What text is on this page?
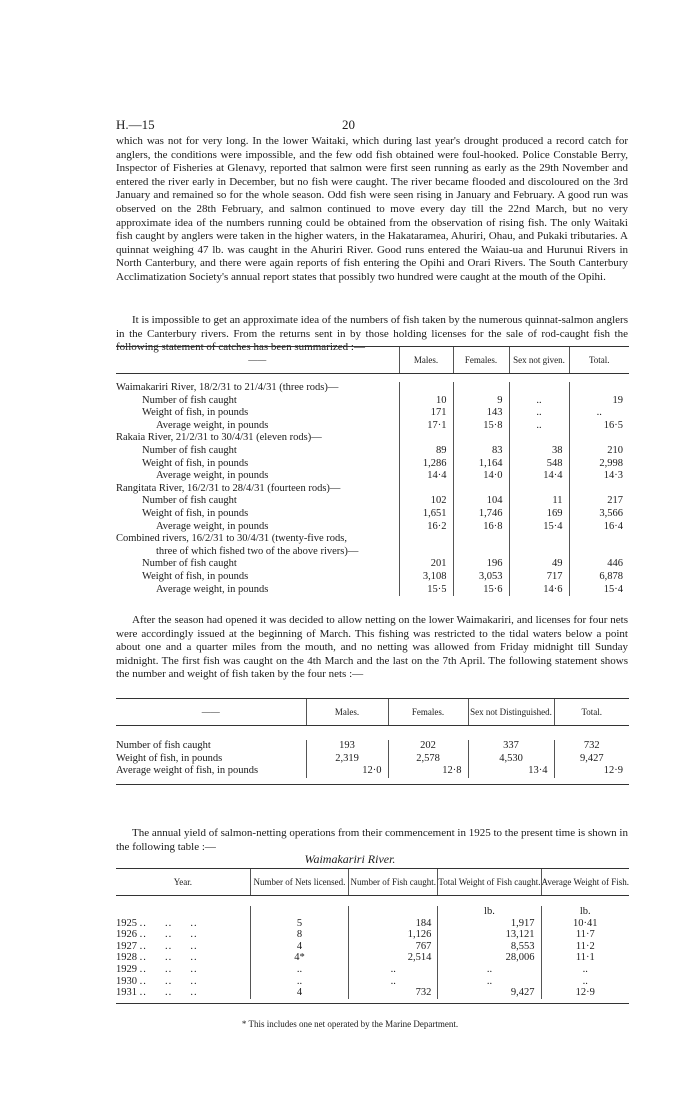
H.—15	20

which was not for very long. In the lower Waitaki, which during last year's drought produced a record catch for anglers, the conditions were impossible, and the few odd fish obtained were foul-hooked. Police Constable Berry, Inspector of Fisheries at Glenavy, reported that salmon were first seen running as early as the 29th November and entered the river early in December, but no fish were caught. The river became flooded and discoloured on the 3rd January and remained so for the whole season. Odd fish were seen rising in January and February. A good run was observed on the 28th February, and salmon continued to move every day till the 22nd March, but no very approximate idea of the numbers running could be obtained from the observation of rising fish. The only Waitaki fish caught by anglers were taken in the higher waters, in the Hakataramea, Ahuriri, Ohau, and Pukaki tributaries. A quinnat weighing 47 lb. was caught in the Ahuriri River. Good runs entered the Waiau-ua and Hurunui Rivers in North Canterbury, and there were again reports of fish entering the Opihi and Orari Rivers. The South Canterbury Acclimatization Society's annual report states that possibly two hundred were caught at the mouth of the Opihi.

It is impossible to get an approximate idea of the numbers of fish taken by the numerous quinnat-salmon anglers in the Canterbury rivers. From the returns sent in by those holding licenses for the sale of rod-caught fish the following statement of catches has been summarized :—

——	Males.	Females.	Sex not given.	Total.

Waimakariri River, 18/2/31 to 21/4/31 (three rods)—				
Number of fish caught	10	9	..	19
Weight of fish, in pounds	171	143	..	..
Average weight, in pounds	17·1	15·8	..	16·5
Rakaia River, 21/2/31 to 30/4/31 (eleven rods)—				
Number of fish caught	89	83	38	210
Weight of fish, in pounds	1,286	1,164	548	2,998
Average weight, in pounds	14·4	14·0	14·4	14·3
Rangitata River, 16/2/31 to 28/4/31 (fourteen rods)—				
Number of fish caught	102	104	11	217
Weight of fish, in pounds	1,651	1,746	169	3,566
Average weight, in pounds	16·2	16·8	15·4	16·4
Combined rivers, 16/2/31 to 30/4/31 (twenty-five rods,				
three of which fished two of the above rivers)—				
Number of fish caught	201	196	49	446
Weight of fish, in pounds	3,108	3,053	717	6,878
Average weight, in pounds	15·5	15·6	14·6	15·4

After the season had opened it was decided to allow netting on the lower Waimakariri, and licenses for four nets were accordingly issued at the beginning of March. This fishing was restricted to the tidal waters below a point about one and a quarter miles from the mouth, and no netting was allowed from Friday midnight till Sunday midnight. The first fish was caught on the 4th March and the last on the 7th April. The following statement shows the number and weight of fish taken by the four nets :—

——	Males.	Females.	Sex not Distinguished.	Total.

Number of fish caught	193	202	337	732
Weight of fish, in pounds	2,319	2,578	4,530	9,427
Average weight of fish, in pounds	12·0	12·8	13·4	12·9

The annual yield of salmon-netting operations from their commencement in 1925 to the present time is shown in the following table :—

Waimakariri River.
Year.	Number of Nets licensed.	Number of Fish caught.	Total Weight of Fish caught.	Average Weight of Fish.

			lb.	lb.
1925 ..     ..     ..	5	184	1,917	10·41
1926 ..     ..     ..	8	1,126	13,121	11·7
1927 ..     ..     ..	4	767	8,553	11·2
1928 ..     ..     ..	4*	2,514	28,006	11·1
1929 ..     ..     ..	..	..	..	..
1930 ..     ..     ..	..	..	..	..
1931 ..     ..     ..	4	732	9,427	12·9

* This includes one net operated by the Marine Department.
